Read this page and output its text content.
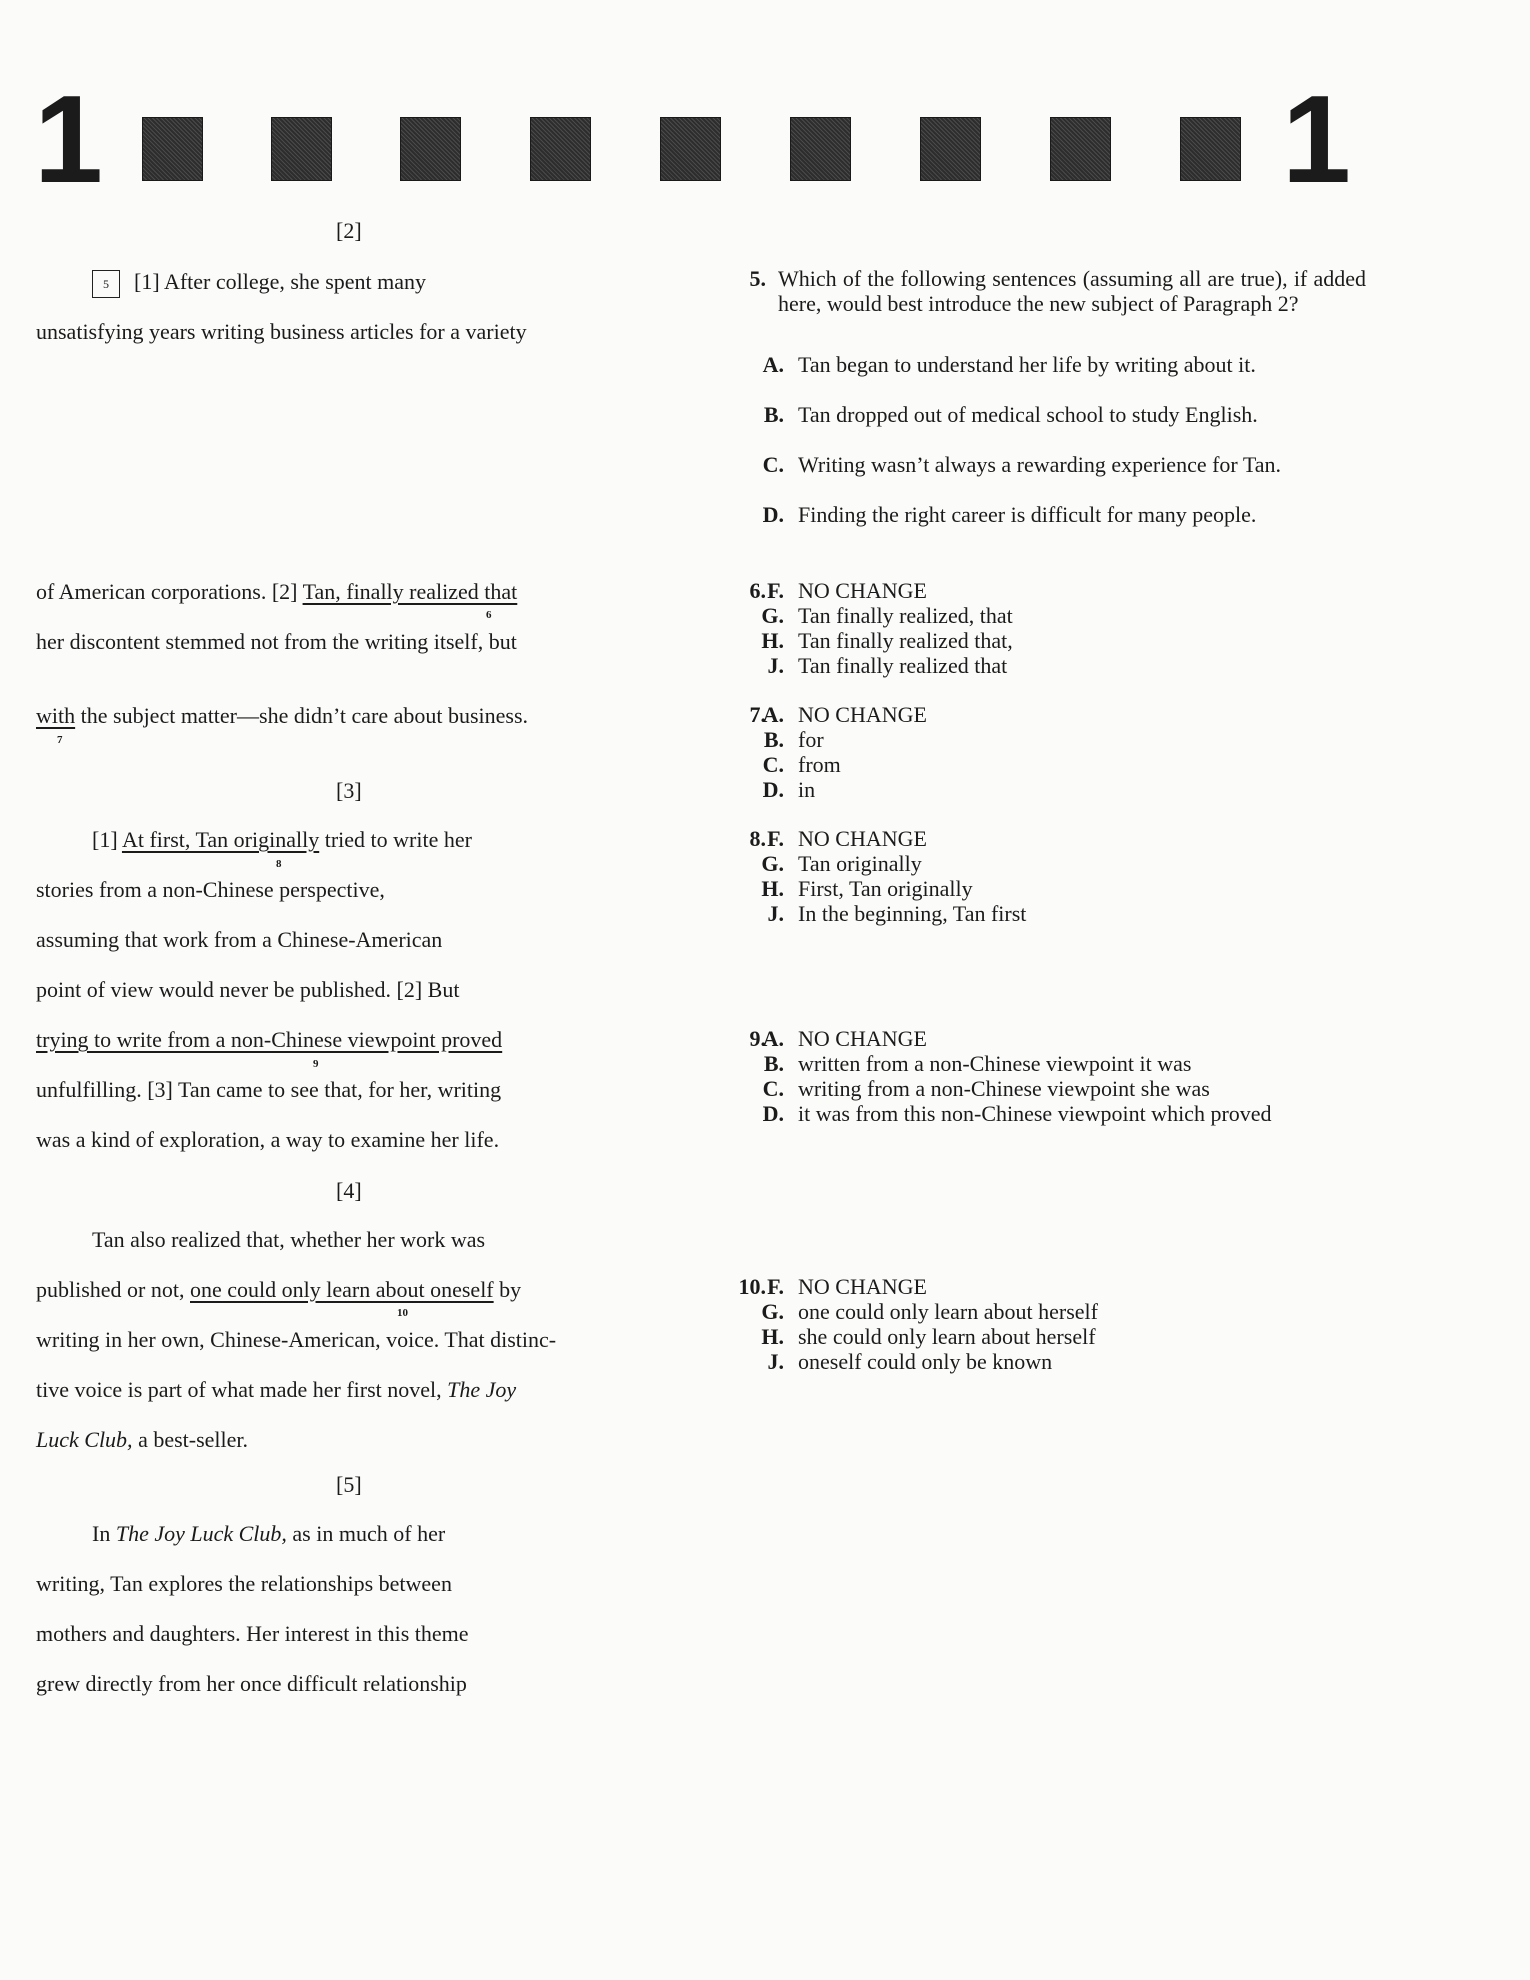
1	1
[2]
5	[1] After college, she spent many
unsatisfying years writing business articles for a variety
of American corporations. [2] Tan, finally realized that
6
her discontent stemmed not from the writing itself, but
with the subject matter—she didn’t care about business.
7
[3]
[1] At first, Tan originally tried to write her
8
stories from a non-Chinese perspective,
assuming that work from a Chinese-American
point of view would never be published. [2] But
trying to write from a non-Chinese viewpoint proved
9
unfulfilling. [3] Tan came to see that, for her, writing
was a kind of exploration, a way to examine her life.
[4]
Tan also realized that, whether her work was
published or not, one could only learn about oneself by
10
writing in her own, Chinese-American, voice. That distinc-
tive voice is part of what made her first novel, The Joy
Luck Club, a best-seller.
[5]
In The Joy Luck Club, as in much of her
writing, Tan explores the relationships between
mothers and daughters. Her interest in this theme
grew directly from her once difficult relationship
5. Which of the following sentences (assuming all are true), if added here, would best introduce the new subject of Paragraph 2?
A. Tan began to understand her life by writing about it.
B. Tan dropped out of medical school to study English.
C. Writing wasn’t always a rewarding experience for Tan.
D. Finding the right career is difficult for many people.
6. F. NO CHANGE
G. Tan finally realized, that
H. Tan finally realized that,
J. Tan finally realized that
7.
A. NO CHANGE
B. for
C. from
D. in
8. F. NO CHANGE
G. Tan originally
H. First, Tan originally
J. In the beginning, Tan first
9.
A. NO CHANGE
B. written from a non-Chinese viewpoint it was
C. writing from a non-Chinese viewpoint she was
D. it was from this non-Chinese viewpoint which proved
10. F. NO CHANGE
G. one could only learn about herself
H. she could only learn about herself
J. oneself could only be known
